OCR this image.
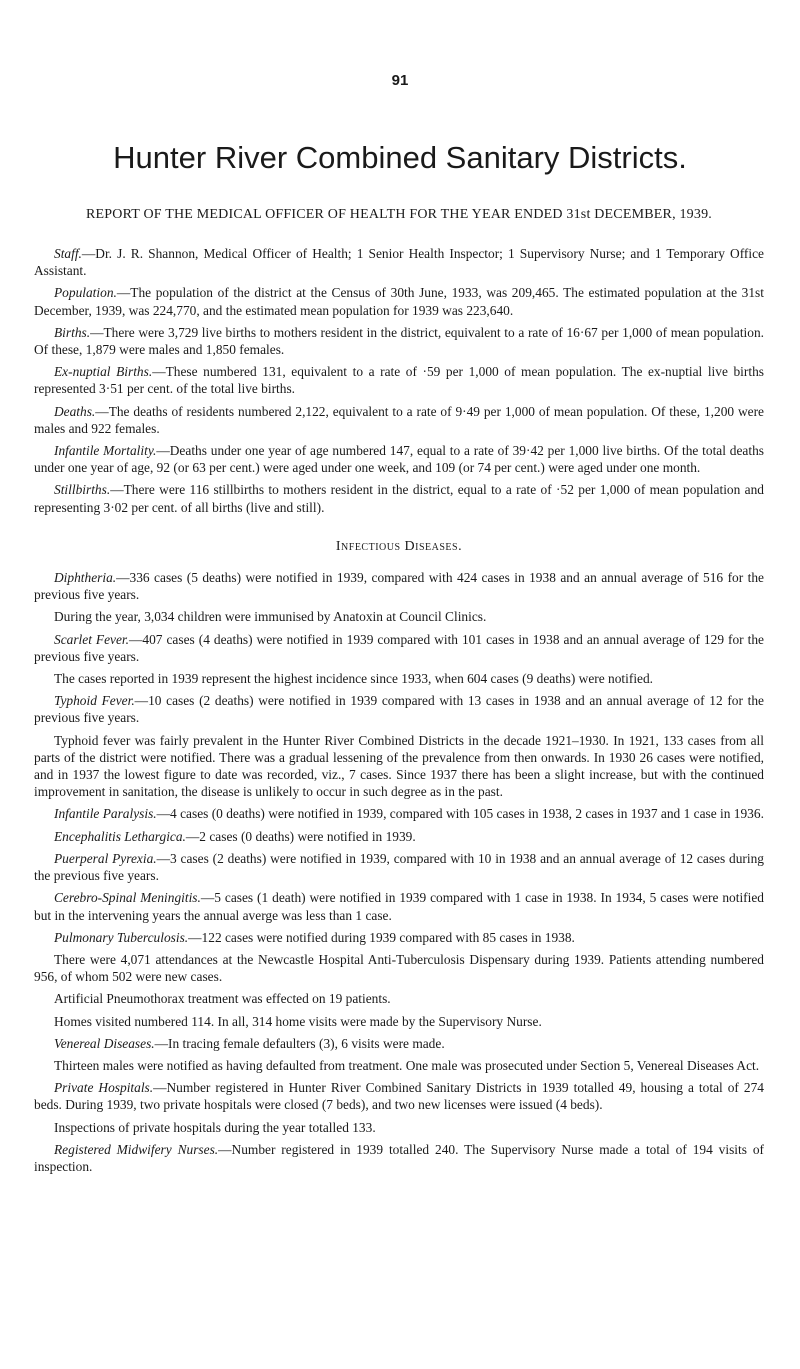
91
Hunter River Combined Sanitary Districts.

REPORT OF THE MEDICAL OFFICER OF HEALTH FOR THE YEAR ENDED 31st DECEMBER, 1939.

Staff.—Dr. J. R. Shannon, Medical Officer of Health; 1 Senior Health Inspector; 1 Supervisory Nurse; and 1 Temporary Office Assistant.

Population.—The population of the district at the Census of 30th June, 1933, was 209,465. The estimated population at the 31st December, 1939, was 224,770, and the estimated mean population for 1939 was 223,640.

Births.—There were 3,729 live births to mothers resident in the district, equivalent to a rate of 16·67 per 1,000 of mean population. Of these, 1,879 were males and 1,850 females.

Ex-nuptial Births.—These numbered 131, equivalent to a rate of ·59 per 1,000 of mean population. The ex-nuptial live births represented 3·51 per cent. of the total live births.

Deaths.—The deaths of residents numbered 2,122, equivalent to a rate of 9·49 per 1,000 of mean population. Of these, 1,200 were males and 922 females.

Infantile Mortality.—Deaths under one year of age numbered 147, equal to a rate of 39·42 per 1,000 live births. Of the total deaths under one year of age, 92 (or 63 per cent.) were aged under one week, and 109 (or 74 per cent.) were aged under one month.

Stillbirths.—There were 116 stillbirths to mothers resident in the district, equal to a rate of ·52 per 1,000 of mean population and representing 3·02 per cent. of all births (live and still).

Infectious Diseases.

Diphtheria.—336 cases (5 deaths) were notified in 1939, compared with 424 cases in 1938 and an annual average of 516 for the previous five years.

During the year, 3,034 children were immunised by Anatoxin at Council Clinics.

Scarlet Fever.—407 cases (4 deaths) were notified in 1939 compared with 101 cases in 1938 and an annual average of 129 for the previous five years.

The cases reported in 1939 represent the highest incidence since 1933, when 604 cases (9 deaths) were notified.

Typhoid Fever.—10 cases (2 deaths) were notified in 1939 compared with 13 cases in 1938 and an annual average of 12 for the previous five years.

Typhoid fever was fairly prevalent in the Hunter River Combined Districts in the decade 1921–1930. In 1921, 133 cases from all parts of the district were notified. There was a gradual lessening of the prevalence from then onwards. In 1930 26 cases were notified, and in 1937 the lowest figure to date was recorded, viz., 7 cases. Since 1937 there has been a slight increase, but with the continued improvement in sanitation, the disease is unlikely to occur in such degree as in the past.

Infantile Paralysis.—4 cases (0 deaths) were notified in 1939, compared with 105 cases in 1938, 2 cases in 1937 and 1 case in 1936.

Encephalitis Lethargica.—2 cases (0 deaths) were notified in 1939.

Puerperal Pyrexia.—3 cases (2 deaths) were notified in 1939, compared with 10 in 1938 and an annual average of 12 cases during the previous five years.

Cerebro-Spinal Meningitis.—5 cases (1 death) were notified in 1939 compared with 1 case in 1938. In 1934, 5 cases were notified but in the intervening years the annual averge was less than 1 case.

Pulmonary Tuberculosis.—122 cases were notified during 1939 compared with 85 cases in 1938.

There were 4,071 attendances at the Newcastle Hospital Anti-Tuberculosis Dispensary during 1939. Patients attending numbered 956, of whom 502 were new cases.

Artificial Pneumothorax treatment was effected on 19 patients.

Homes visited numbered 114. In all, 314 home visits were made by the Supervisory Nurse.

Venereal Diseases.—In tracing female defaulters (3), 6 visits were made.

Thirteen males were notified as having defaulted from treatment. One male was prosecuted under Section 5, Venereal Diseases Act.

Private Hospitals.—Number registered in Hunter River Combined Sanitary Districts in 1939 totalled 49, housing a total of 274 beds. During 1939, two private hospitals were closed (7 beds), and two new licenses were issued (4 beds).

Inspections of private hospitals during the year totalled 133.

Registered Midwifery Nurses.—Number registered in 1939 totalled 240. The Supervisory Nurse made a total of 194 visits of inspection.
